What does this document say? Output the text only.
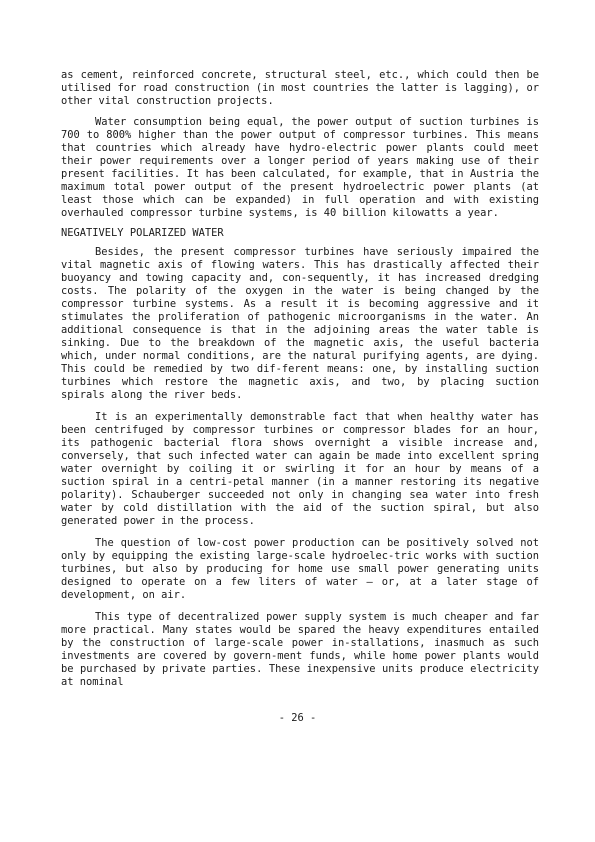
as cement, reinforced concrete, structural steel, etc., which could then be utilised for road construction (in most countries the latter is lagging), or other vital construction projects.

Water consumption being equal, the power output of suction turbines is 700 to 800% higher than the power output of compressor turbines. This means that countries which already have hydro-electric power plants could meet their power requirements over a longer period of years making use of their present facilities. It has been calculated, for example, that in Austria the maximum total power output of the present hydroelectric power plants (at least those which can be expanded) in full operation and with existing overhauled compressor turbine systems, is 40 billion kilowatts a year.

NEGATIVELY POLARIZED WATER

Besides, the present compressor turbines have seriously impaired the vital magnetic axis of flowing waters. This has drastically affected their buoyancy and towing capacity and, con-sequently, it has increased dredging costs. The polarity of the oxygen in the water is being changed by the compressor turbine systems. As a result it is becoming aggressive and it stimulates the proliferation of pathogenic microorganisms in the water. An additional consequence is that in the adjoining areas the water table is sinking. Due to the breakdown of the magnetic axis, the useful bacteria which, under normal conditions, are the natural purifying agents, are dying. This could be remedied by two dif-ferent means: one, by installing suction turbines which restore the magnetic axis, and two, by placing suction spirals along the river beds.

It is an experimentally demonstrable fact that when healthy water has been centrifuged by compressor turbines or compressor blades for an hour, its pathogenic bacterial flora shows overnight a visible increase and, conversely, that such infected water can again be made into excellent spring water overnight by coiling it or swirling it for an hour by means of a suction spiral in a centri-petal manner (in a manner restoring its negative polarity). Schauberger succeeded not only in changing sea water into fresh water by cold distillation with the aid of the suction spiral, but also generated power in the process.

The question of low-cost power production can be positively solved not only by equipping the existing large-scale hydroelec-tric works with suction turbines, but also by producing for home use small power generating units designed to operate on a few liters of water — or, at a later stage of development, on air.

This type of decentralized power supply system is much cheaper and far more practical. Many states would be spared the heavy expenditures entailed by the construction of large-scale power in-stallations, inasmuch as such investments are covered by govern-ment funds, while home power plants would be purchased by private parties. These inexpensive units produce electricity at nominal

- 26 -
